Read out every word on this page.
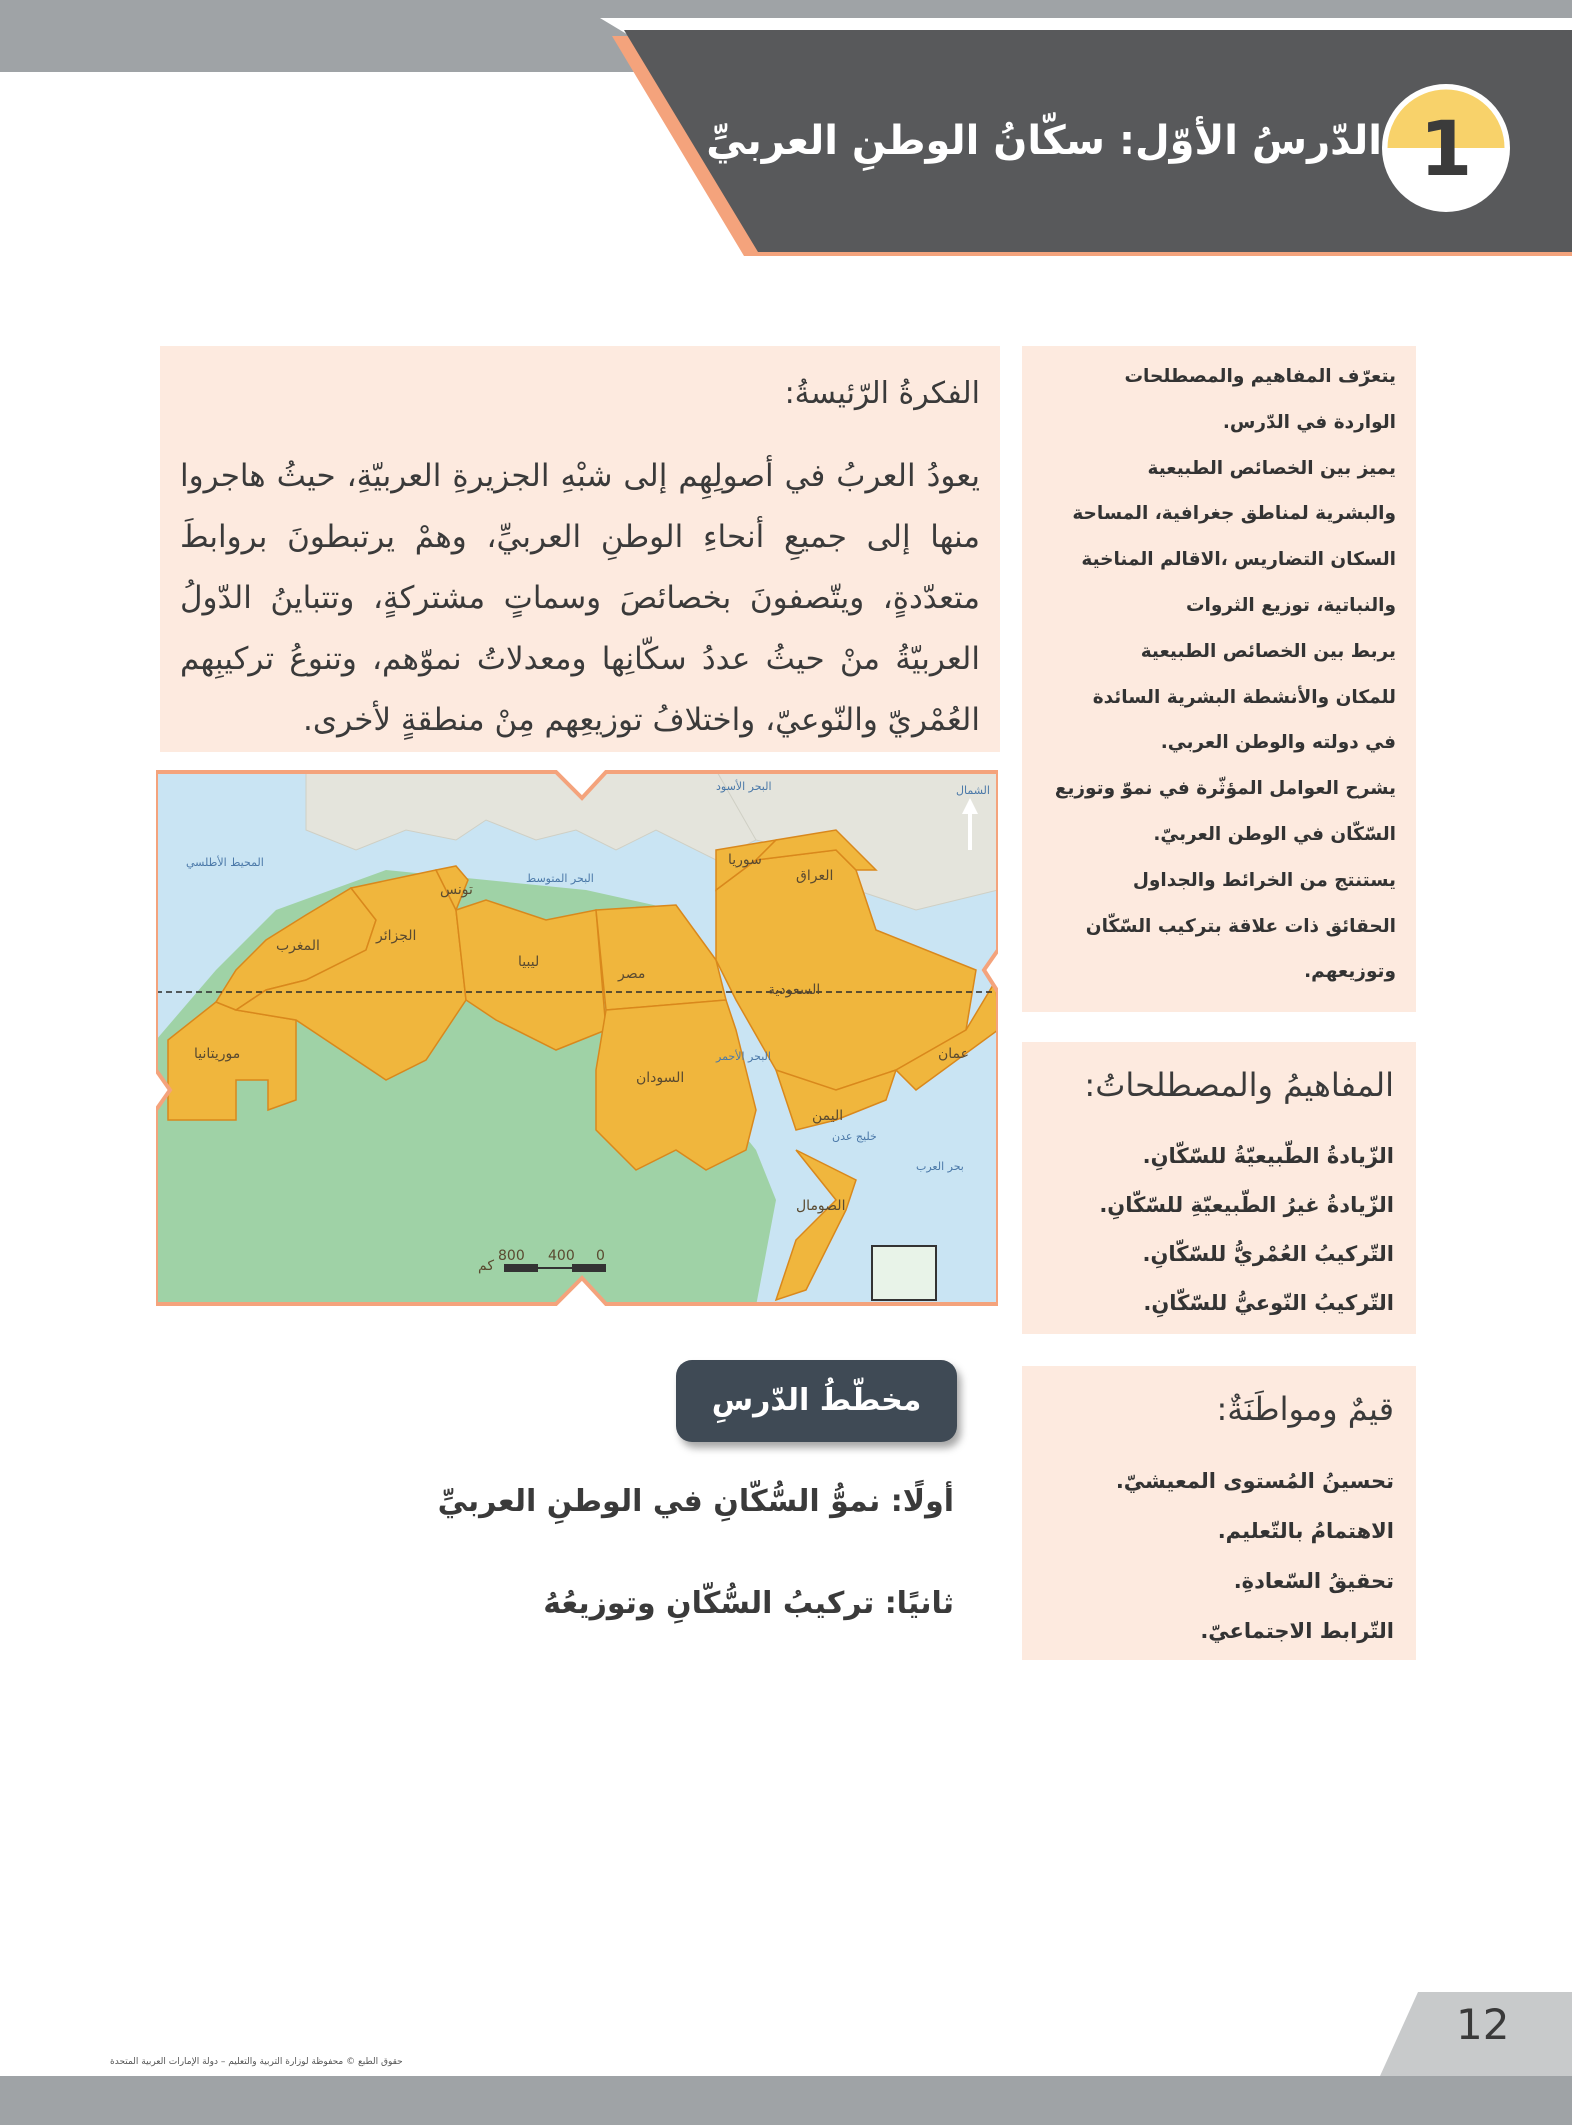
1
الدّرسُ الأوّل: سكّانُ الوطنِ العربيِّ
الفكرةُ الرّئيسةُ:
يعودُ العربُ في أصولِهِم إلى شبْهِ الجزيرةِ العربيّةِ، حيثُ هاجروا منها إلى جميعِ أنحاءِ الوطنِ العربيِّ، وهمْ يرتبطونَ بروابطَ متعدّدةٍ، ويتّصفونَ بخصائصَ وسماتٍ مشتركةٍ، وتتباينُ الدّولُ العربيّةُ منْ حيثُ عددُ سكّانِها ومعدلاتُ نموّهم، وتنوعُ تركيبِهم العُمْريّ والنّوعيّ، واختلافُ توزيعِهم مِنْ منطقةٍ لأخرى.
يتعرّف المفاهيم والمصطلحات
الواردة في الدّرس.
يميز بين الخصائص الطبيعية
والبشرية لمناطق جغرافية، المساحة
السكان التضاريس ،الاقالم المناخية
والنباتية، توزيع الثروات
يربط بين الخصائص الطبيعية
للمكان والأنشطة البشرية السائدة
في دولته والوطن العربي.
يشرح العوامل المؤثّرة في نموّ وتوزيع
السّكّان في الوطن العربيّ.
يستنتج من الخرائط والجداول
الحقائق ذات علاقة بتركيب السّكّان
وتوزيعهم.
موريتانيا
المغرب
الجزائر
تونس
ليبيا
مصر
السودان
السعودية
اليمن
عمان
سوريا
العراق
الصومال
البحر المتوسط
المحيط الأطلسي
البحر الأسود
خليج عدن
بحر العرب
البحر الأحمر
الشمال
0
400
800
كم
المفاهيمُ والمصطلحاتُ:
الزّيادةُ الطّبيعيّةُ للسّكّانِ.
الزّيادةُ غيرُ الطّبيعيّةِ للسّكّانِ.
التّركيبُ العُمْريُّ للسّكّانِ.
التّركيبُ النّوعيُّ للسّكّانِ.
قيمٌ ومواطَنَةٌ:
تحسينُ المُستوى المعيشيّ.
الاهتمامُ بالتّعليم.
تحقيقُ السّعادةِ.
التّرابط الاجتماعيّ.
مخطّطُ الدّرسِ
أولًا: نموُّ السُّكّانِ في الوطنِ العربيِّ
ثانيًا: تركيبُ السُّكّانِ وتوزيعُهُ
12
حقوق الطبع © محفوظة لوزارة التربية والتعليم – دولة الإمارات العربية المتحدة
